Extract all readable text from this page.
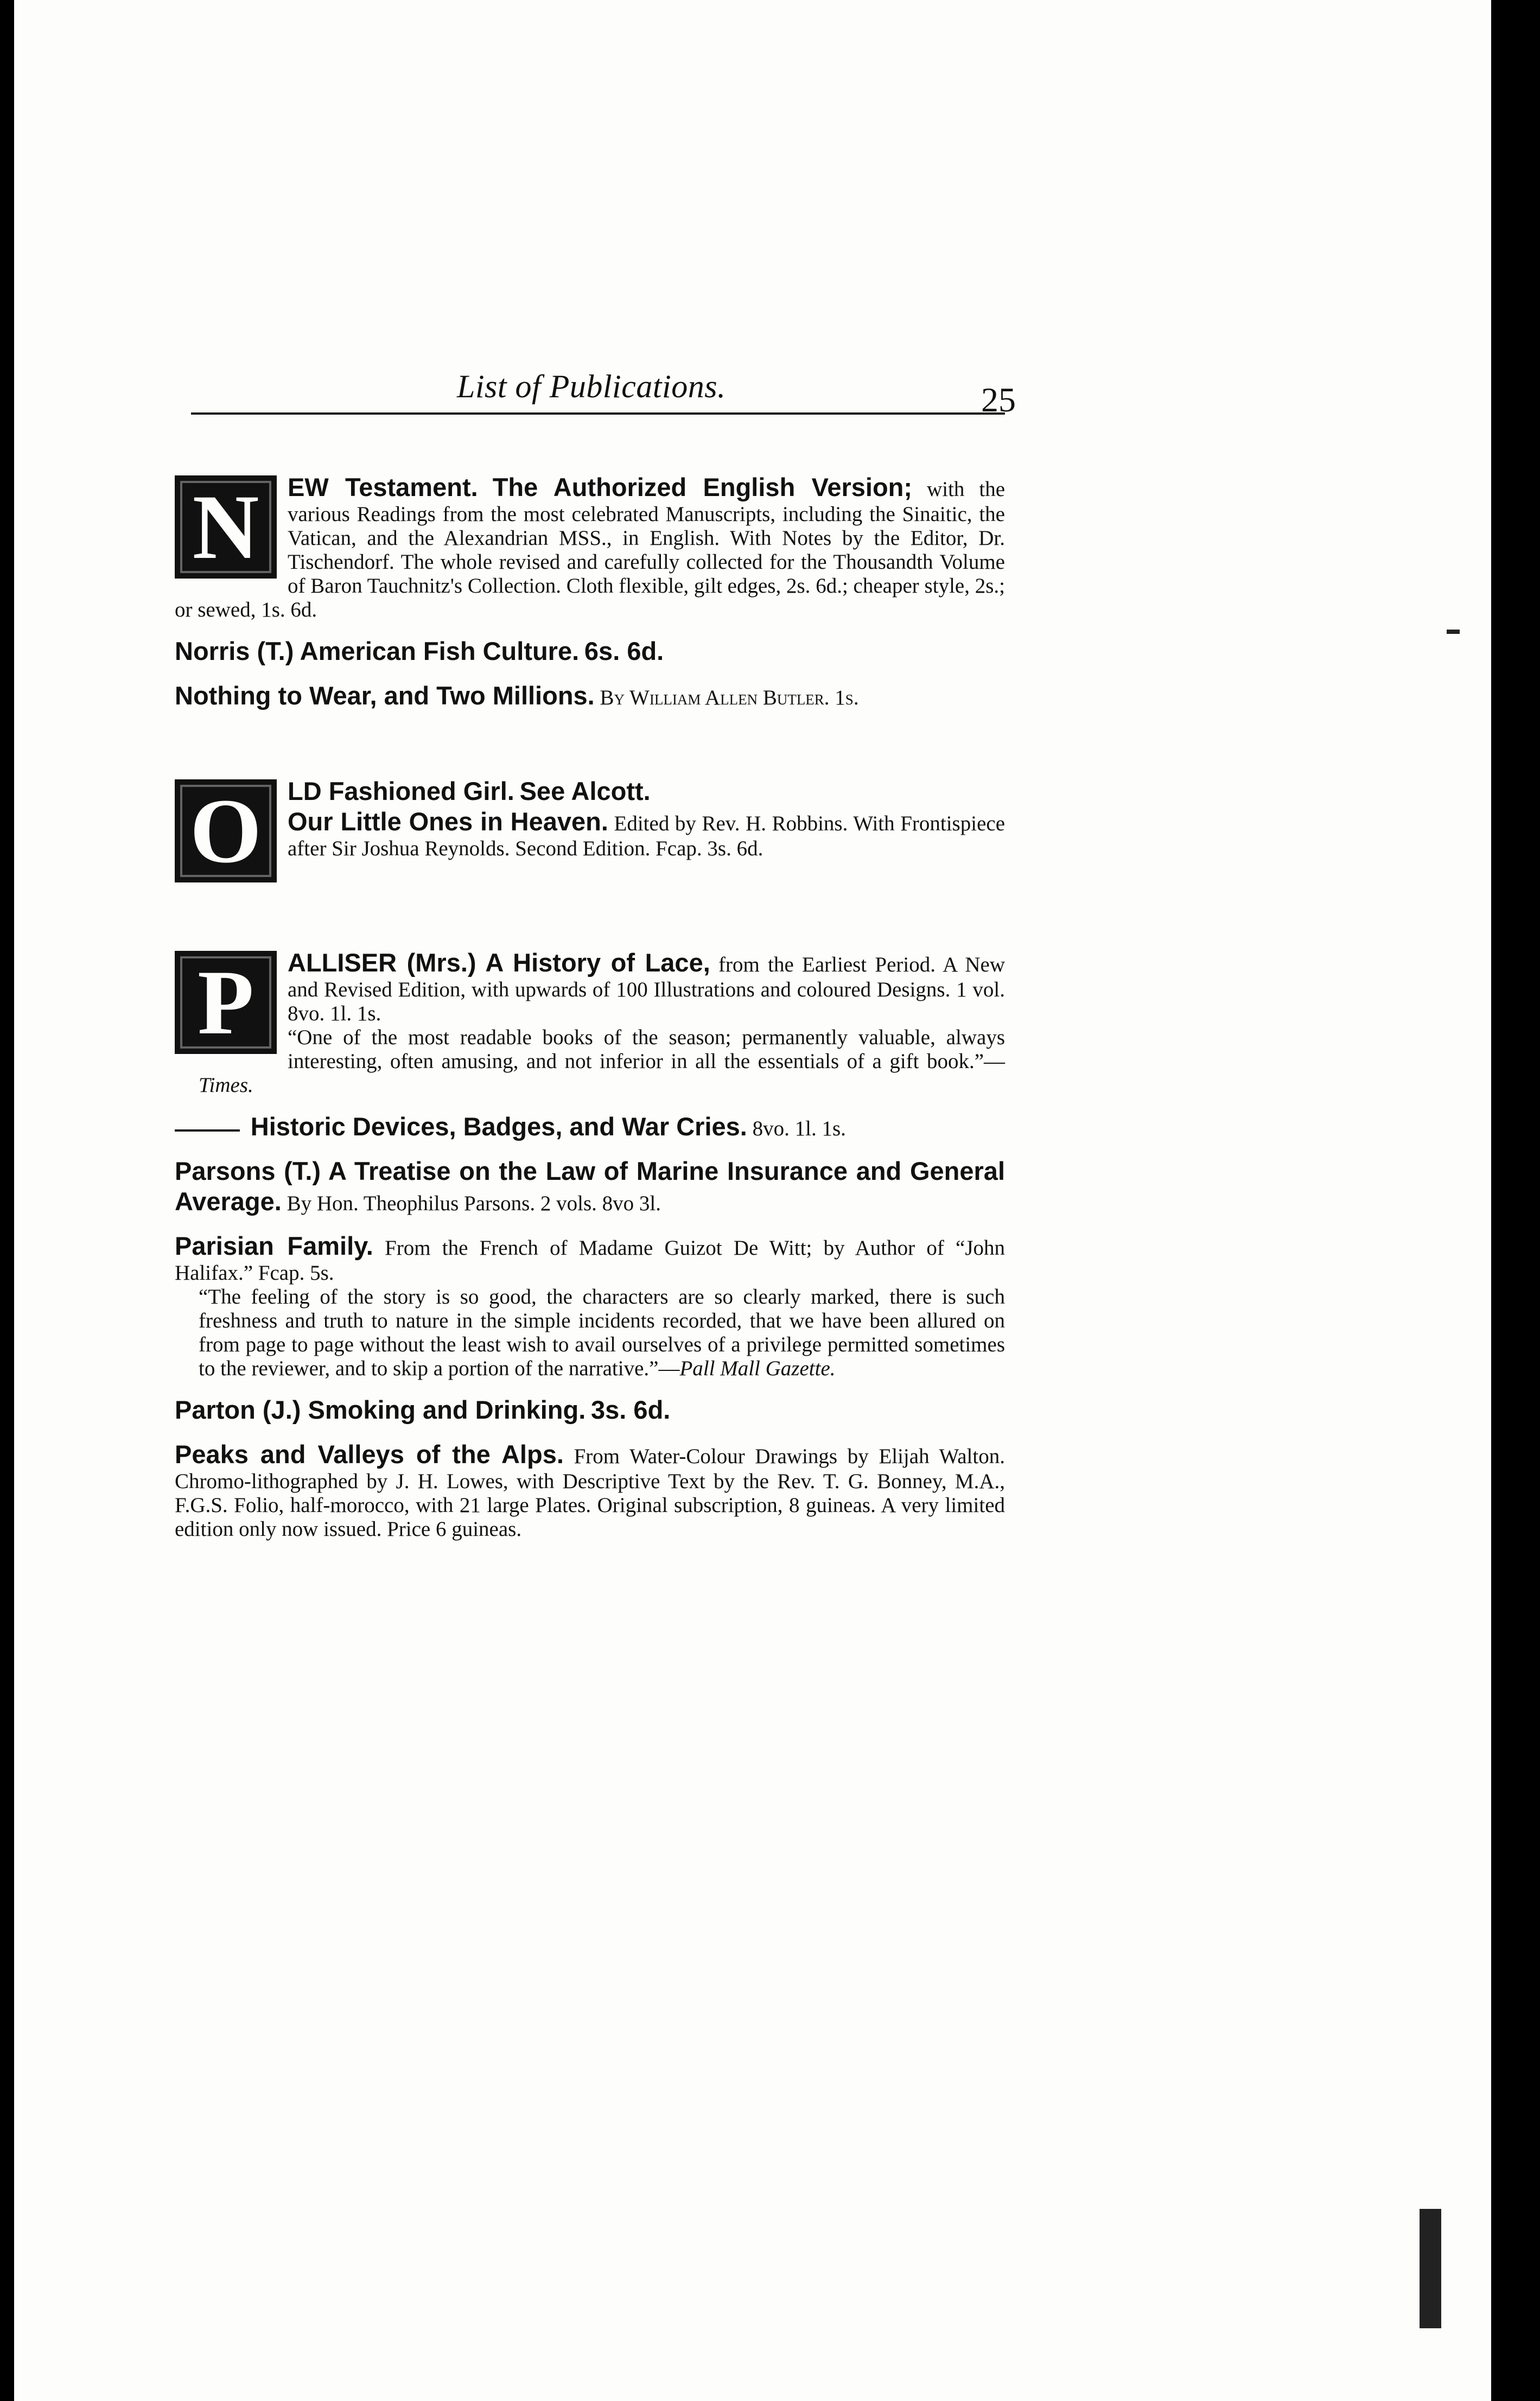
List of Publications.	25
N	EW Testament. The Authorized English Version; with the various Readings from the most celebrated Manuscripts, including the Sinaitic, the Vatican, and the Alexandrian MSS., in English. With Notes by the Editor, Dr. Tischendorf. The whole revised and carefully collected for the Thousandth Volume of Baron Tauchnitz's Collection. Cloth flexible, gilt edges, 2s. 6d.; cheaper style, 2s.; or sewed, 1s. 6d.
Norris (T.) American Fish Culture. 6s. 6d.
Nothing to Wear, and Two Millions. By William Allen Butler. 1s.
O	LD Fashioned Girl. See Alcott.
Our Little Ones in Heaven. Edited by Rev. H. Robbins. With Frontispiece after Sir Joshua Reynolds. Second Edition. Fcap. 3s. 6d.
P	ALLISER (Mrs.) A History of Lace, from the Earliest Period. A New and Revised Edition, with upwards of 100 Illustrations and coloured Designs. 1 vol. 8vo. 1l. 1s.
“One of the most readable books of the season; permanently valuable, always interesting, often amusing, and not inferior in all the essentials of a gift book.”—Times.
Historic Devices, Badges, and War Cries. 8vo. 1l. 1s.
Parsons (T.) A Treatise on the Law of Marine Insurance and General Average. By Hon. Theophilus Parsons. 2 vols. 8vo 3l.
Parisian Family. From the French of Madame Guizot De Witt; by Author of “John Halifax.” Fcap. 5s.
“The feeling of the story is so good, the characters are so clearly marked, there is such freshness and truth to nature in the simple incidents recorded, that we have been allured on from page to page without the least wish to avail ourselves of a privilege permitted sometimes to the reviewer, and to skip a portion of the narrative.”—Pall Mall Gazette.
Parton (J.) Smoking and Drinking. 3s. 6d.
Peaks and Valleys of the Alps. From Water-Colour Drawings by Elijah Walton. Chromo-lithographed by J. H. Lowes, with Descriptive Text by the Rev. T. G. Bonney, M.A., F.G.S. Folio, half-morocco, with 21 large Plates. Original subscription, 8 guineas. A very limited edition only now issued. Price 6 guineas.
